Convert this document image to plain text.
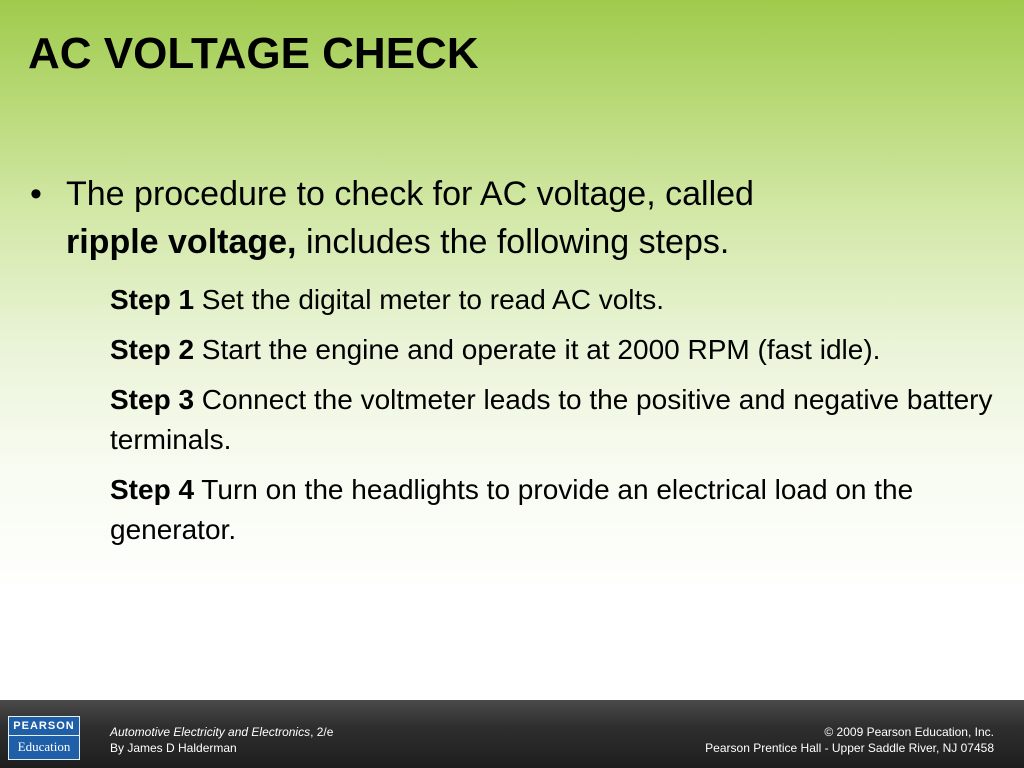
AC VOLTAGE CHECK
• The procedure to check for AC voltage, called
ripple voltage, includes the following steps.

Step 1 Set the digital meter to read AC volts.

Step 2 Start the engine and operate it at 2000 RPM (fast idle).

Step 3 Connect the voltmeter leads to the positive and negative battery terminals.

Step 4 Turn on the headlights to provide an electrical load on the generator.

PEARSON
Education
Automotive Electricity and Electronics, 2/e
By James D Halderman
© 2009 Pearson Education, Inc.
Pearson Prentice Hall - Upper Saddle River, NJ 07458
